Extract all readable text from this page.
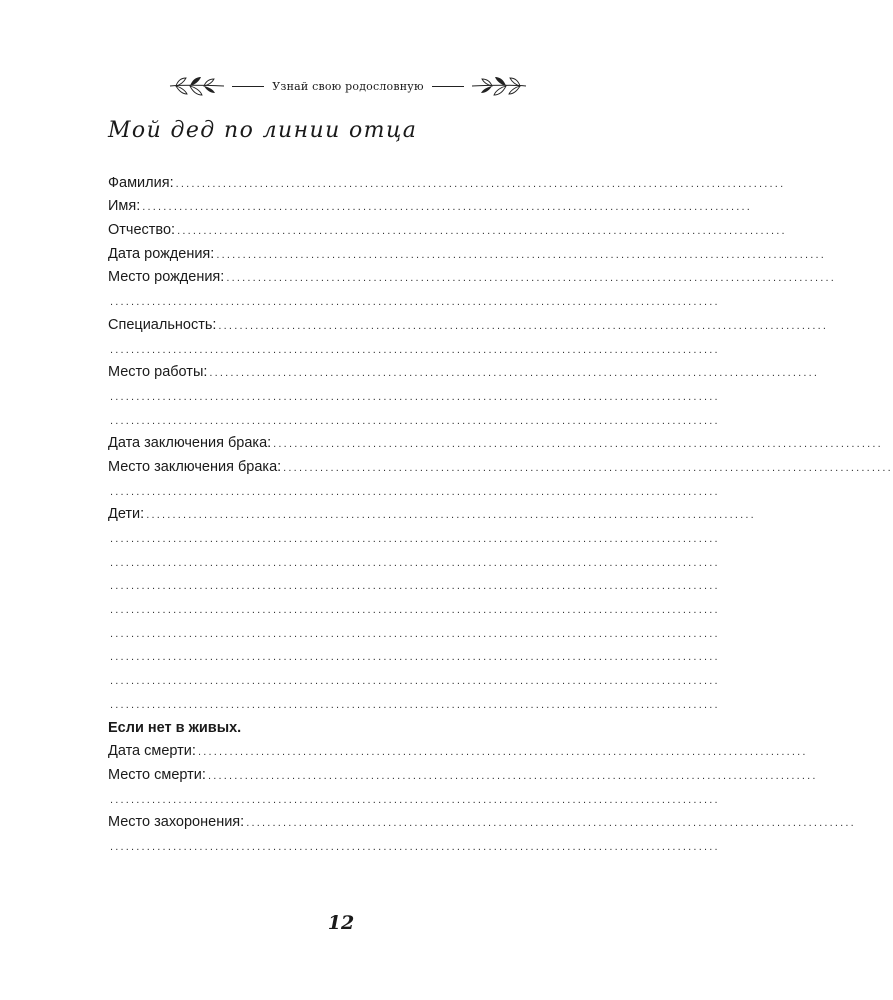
Узнай свою родословную
Мой дед по линии отца
Фамилия: ....................................................................................................................
Имя: ....................................................................................................................
Отчество: ....................................................................................................................
Дата рождения: ....................................................................................................................
Место рождения: ....................................................................................................................
....................................................................................................................
Специальность: ....................................................................................................................
....................................................................................................................
Место работы: ....................................................................................................................
....................................................................................................................
....................................................................................................................
Дата заключения брака: ....................................................................................................................
Место заключения брака: ....................................................................................................................
....................................................................................................................
Дети: ....................................................................................................................
....................................................................................................................
....................................................................................................................
....................................................................................................................
....................................................................................................................
....................................................................................................................
....................................................................................................................
....................................................................................................................
....................................................................................................................
Если нет в живых.
Дата смерти: ....................................................................................................................
Место смерти: ....................................................................................................................
....................................................................................................................
Место захоронения: ....................................................................................................................
....................................................................................................................
12
